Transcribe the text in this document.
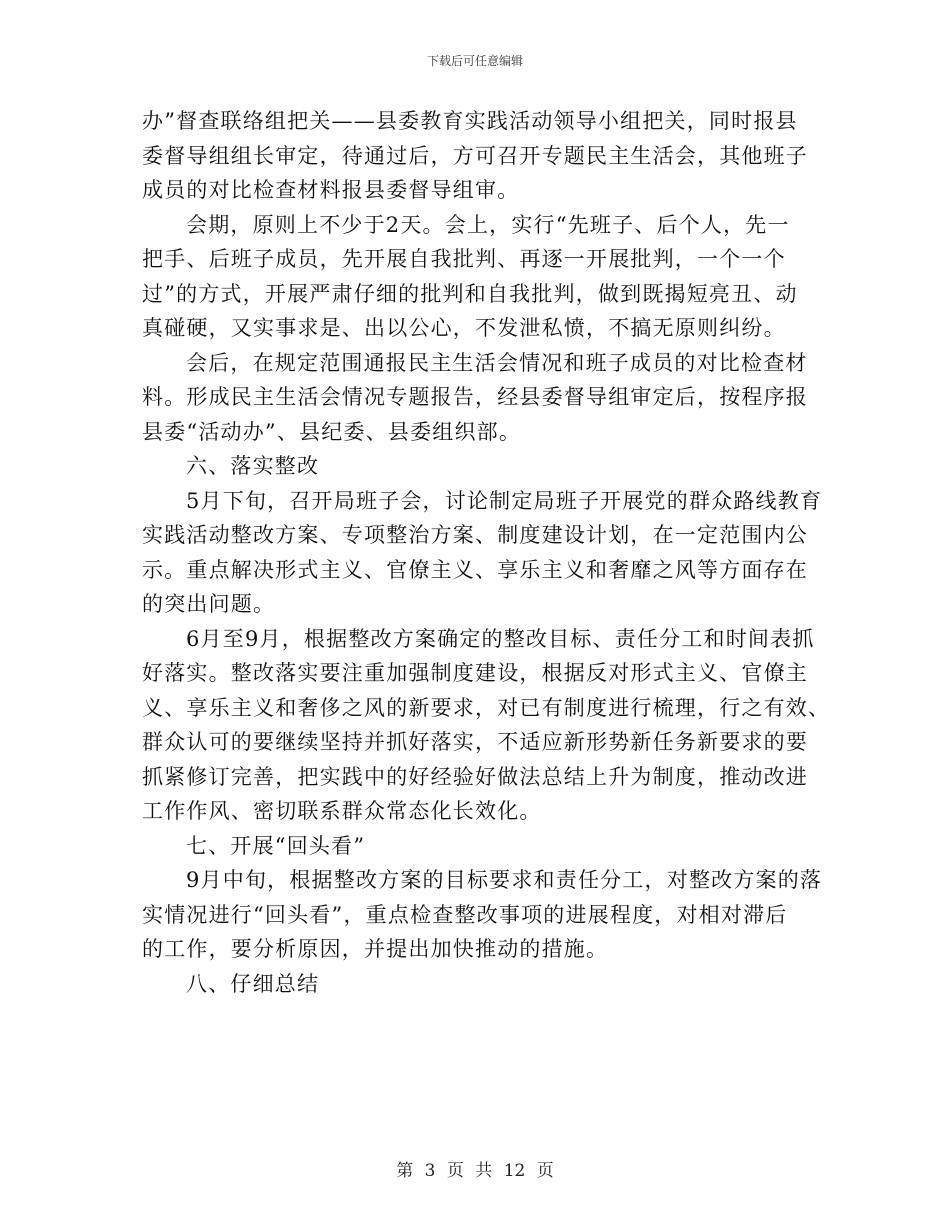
下载后可任意编辑
办”督查联络组把关——县委教育实践活动领导小组把关，同时报县
委督导组组长审定，待通过后，方可召开专题民主生活会，其他班子
成员的对比检查材料报县委督导组审。
会期，原则上不少于2天。会上，实行“先班子、后个人，先一
把手、后班子成员，先开展自我批判、再逐一开展批判，一个一个
过”的方式，开展严肃仔细的批判和自我批判，做到既揭短亮丑、动
真碰硬，又实事求是、出以公心，不发泄私愤，不搞无原则纠纷。
会后，在规定范围通报民主生活会情况和班子成员的对比检查材
料。形成民主生活会情况专题报告，经县委督导组审定后，按程序报
县委“活动办”、县纪委、县委组织部。
六、落实整改
5月下旬，召开局班子会，讨论制定局班子开展党的群众路线教育
实践活动整改方案、专项整治方案、制度建设计划，在一定范围内公
示。重点解决形式主义、官僚主义、享乐主义和奢靡之风等方面存在
的突出问题。
6月至9月，根据整改方案确定的整改目标、责任分工和时间表抓
好落实。整改落实要注重加强制度建设，根据反对形式主义、官僚主
义、享乐主义和奢侈之风的新要求，对已有制度进行梳理，行之有效、
群众认可的要继续坚持并抓好落实，不适应新形势新任务新要求的要
抓紧修订完善，把实践中的好经验好做法总结上升为制度，推动改进
工作作风、密切联系群众常态化长效化。
七、开展“回头看”
9月中旬，根据整改方案的目标要求和责任分工，对整改方案的落
实情况进行“回头看”，重点检查整改事项的进展程度，对相对滞后
的工作，要分析原因，并提出加快推动的措施。
八、仔细总结
第 3 页 共 12 页
